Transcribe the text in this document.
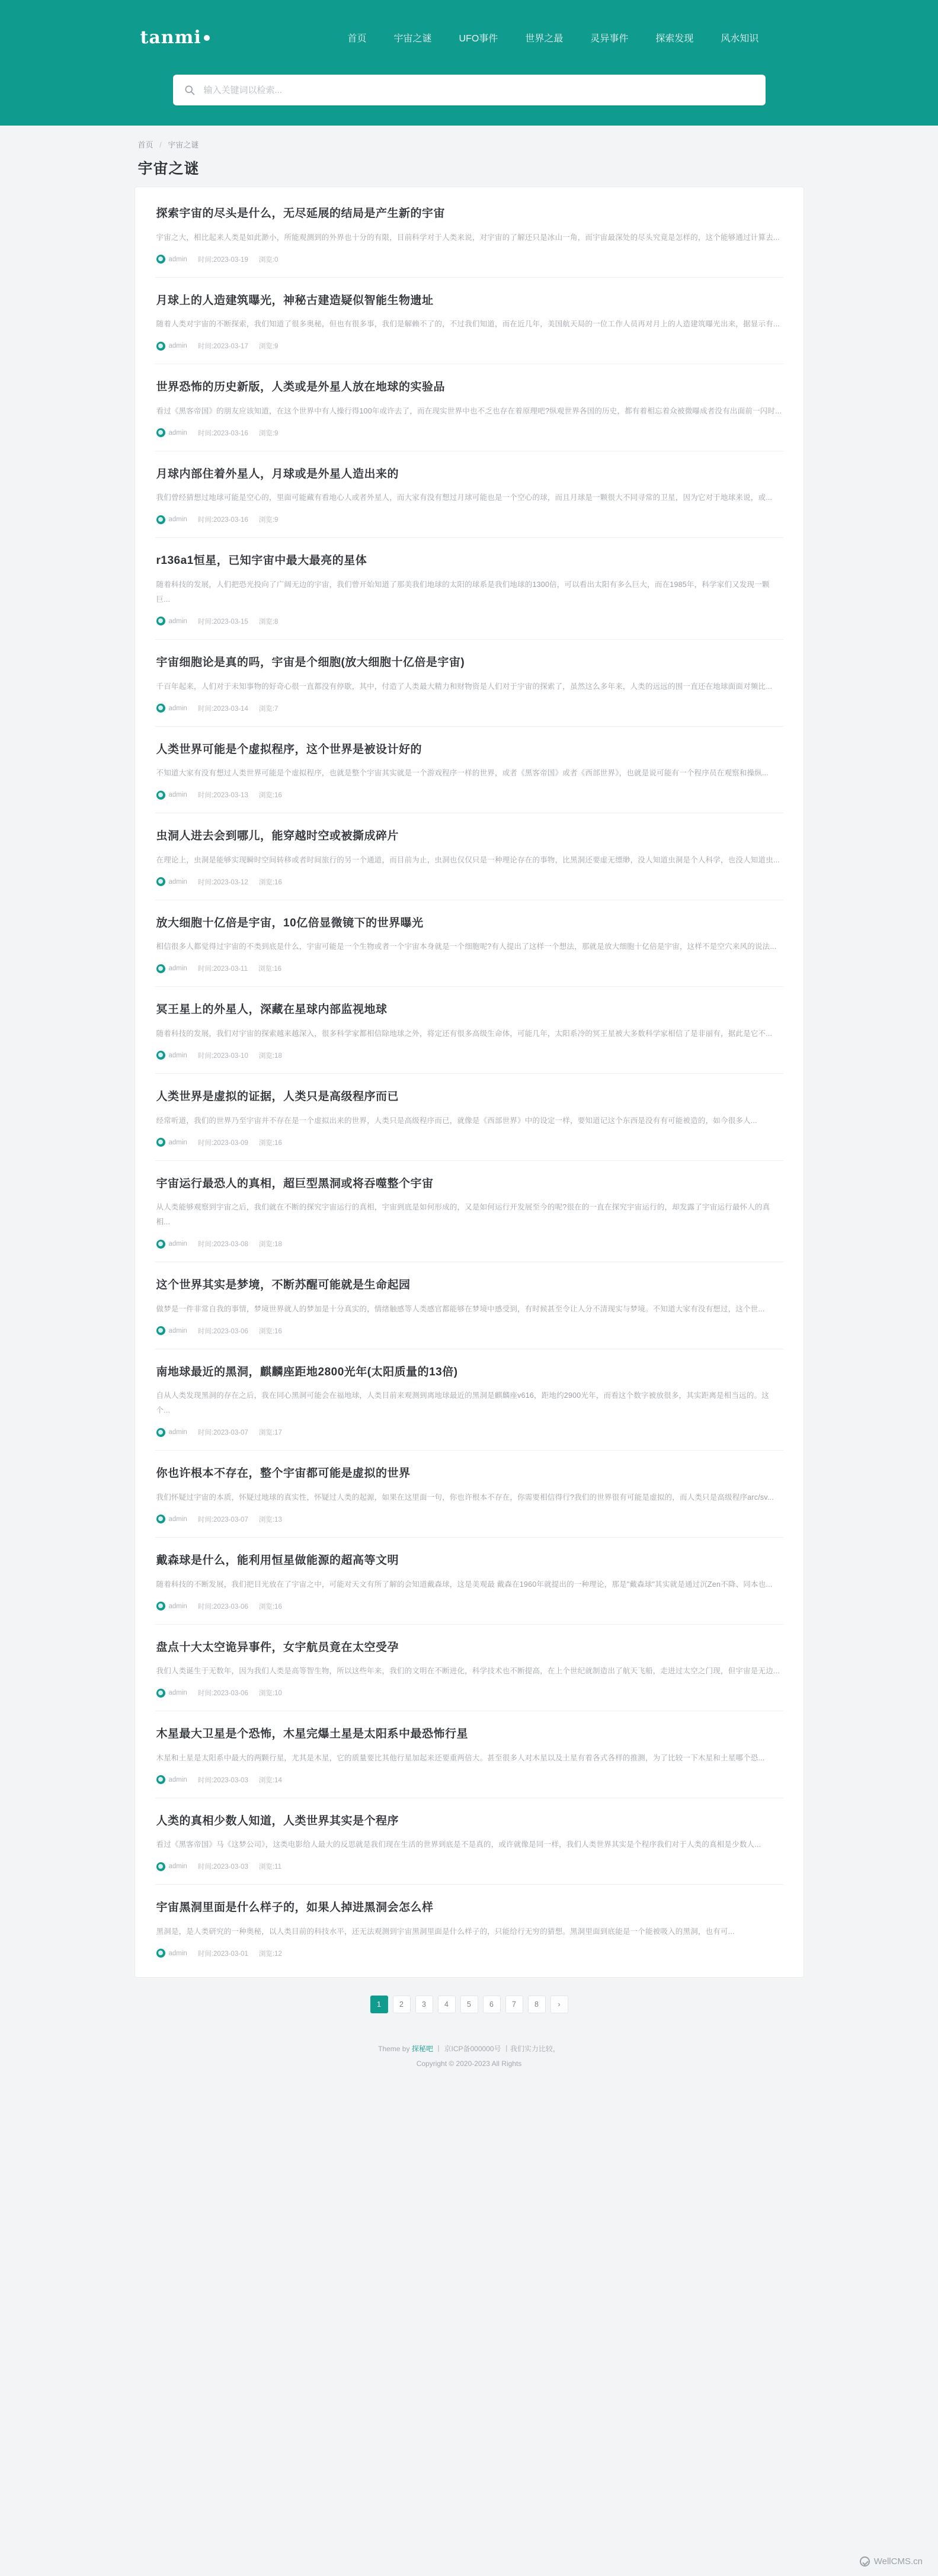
tanmi	首页	宇宙之谜	UFO事件	世界之最	灵异事件	探索发现	风水知识
输入关键词以检索...
首页 / 宇宙之谜
宇宙之谜
探索宇宙的尽头是什么，无尽延展的结局是产生新的宇宙

宇宙之大，相比起来人类是如此渺小，所能观测到的外界也十分的有限，目前科学对于人类来说，对宇宙的了解还只是冰山一角，而宇宙最深处的尽头究竟是怎样的，这个能够通过计算去...

admin 时间:2023-03-19 浏览:0
月球上的人造建筑曝光，神秘古建造疑似智能生物遗址

随着人类对宇宙的不断探索，我们知道了很多奥秘，但也有很多事，我们是解赖不了的，不过我们知道，而在近几年，美国航天局的一位工作人员再对月上的人造建筑曝光出来，据显示有...

admin 时间:2023-03-17 浏览:9
世界恐怖的历史新版，人类或是外星人放在地球的实验品

看过《黑客帝国》的朋友应该知道，在这个世界中有人操行得100年或许去了，而在现实世界中也不乏也存在着原理吧?纵观世界各国的历史，都有着相忘着众被微曝成者没有出面前一闪时...

admin 时间:2023-03-16 浏览:9
月球内部住着外星人，月球或是外星人造出来的

我们曾经猜想过地球可能是空心的，里面可能藏有看地心人或者外星人，而大家有没有想过月球可能也是一个空心的球，而且月球是一颗很大不同寻常的卫星，因为它对于地球来说，或...

admin 时间:2023-03-16 浏览:9
r136a1恒星，已知宇宙中最大最亮的星体

随着科技的发展，人们把恐光投向了广阔无边的宇宙，我们曾开始知道了那美我们地球的太阳的球系是我们地球的1300倍，可以看出太阳有多么巨大，而在1985年，科学家们又发现一颗巨...

admin 时间:2023-03-15 浏览:8
宇宙细胞论是真的吗，宇宙是个细胞(放大细胞十亿倍是宇宙)

千百年起来，人们对于未知事物的好奇心很一直都没有停歇，其中，付造了人类最大精力和财物资是人们对于宇宙的探索了，虽然这么多年来，人类的远远的围一直还在地球面面对频比...

admin 时间:2023-03-14 浏览:7
人类世界可能是个虚拟程序，这个世界是被设计好的

不知道大家有没有想过人类世界可能是个虚拟程序，也就是整个宇宙其实就是一个游戏程序一样的世界，或者《黑客帝国》或者《西部世界》，也就是说可能有一个程序员在观察和操纵...

admin 时间:2023-03-13 浏览:16
虫洞人进去会到哪儿，能穿越时空或被撕成碎片

在理论上，虫洞是能够实现瞬时空间转移或者时间旅行的另一个通道，而目前为止，虫洞也仅仅只是一种理论存在的事物，比黑洞还要虚无缥缈，没人知道虫洞是个人科学，也没人知道虫...

admin 时间:2023-03-12 浏览:16
放大细胞十亿倍是宇宙，10亿倍显微镜下的世界曝光

相信很多人都觉得过宇宙的不类到底是什么，宇宙可能是一个生物或者一个宇宙本身就是一个细胞呢?有人提出了这样一个想法，那就是放大细胞十亿倍是宇宙，这样不是空穴来风的说法...

admin 时间:2023-03-11 浏览:16
冥王星上的外星人，深藏在星球内部监视地球

随着科技的发展，我们对宇宙的探索越来越深入，很多科学家都相信除地球之外，将定还有很多高级生命体，可能几年，太阳系冷的冥王星被大多数科学家相信了是非丽有，据此是它不...

admin 时间:2023-03-10 浏览:18
人类世界是虚拟的证据，人类只是高级程序而已

经常听道，我们的世界乃至宇宙并不存在是一个虚拟出来的世界，人类只是高级程序而已，就像是《西部世界》中的设定一样，要知道记这个东西是没有有可能被造的，如今很多人...

admin 时间:2023-03-09 浏览:16
宇宙运行最恐人的真相，超巨型黑洞或将吞噬整个宇宙

从人类能够观察到宇宙之后，我们就在不断的探究宇宙运行的真相，宇宙到底是如何形成的，又是如何运行开发展至今的呢?很在的一直在探究宇宙运行的，却发露了宇宙运行最怀人的真相...

admin 时间:2023-03-08 浏览:18
这个世界其实是梦境，不断苏醒可能就是生命起园

做梦是一件非常自我的事情，梦境世界就人的梦加是十分真实的，情绪触感等人类感官都能够在梦境中感受到，有时候甚至令让人分不清现实与梦境。不知道大家有没有想过，这个世...

admin 时间:2023-03-06 浏览:16
南地球最近的黑洞，麒麟座距地2800光年(太阳质量的13倍)

自从人类发现黑洞的存在之后，我在同心黑洞可能会在福地球，人类目前来观测到离地球最近的黑洞是麒麟座v616，距地约2900光年，而看这个数字被放很多，其实距离是相当远的。这个...

admin 时间:2023-03-07 浏览:17
你也许根本不存在，整个宇宙都可能是虚拟的世界

我们怀疑过宇宙的本质，怀疑过地球的真实性，怀疑过人类的起源，如果在这里面一句，你也许根本不存在，你需要相信得行?我们的世界很有可能是虚拟的，而人类只是高级程序arc/sv...

admin 时间:2023-03-07 浏览:13
戴森球是什么，能利用恒星做能源的超高等文明

随着科技的不断发展，我们把目光放在了宇宙之中，可能对天文有所了解的会知道戴森球，这是美观最 戴森在1960年就提出的一种理论，那是"戴森球"其实就是通过沉Zen不降、同本也...

admin 时间:2023-03-06 浏览:16
盘点十大太空诡异事件，女宇航员竟在太空受孕

我们人类诞生于无数年，因为我们人类是高等智生物，所以这些年来，我们的文明在不断进化，科学技术也不断提高，在上个世纪就制造出了航天飞船，走进过太空之门现，但宇宙是无边...

admin 时间:2023-03-06 浏览:10
木星最大卫星是个恐怖，木星完爆土星是太阳系中最恐怖行星

木星和土星是太阳系中最大的两颗行星，尤其是木星，它的质量要比其他行星加起来还要重两倍大。甚至很多人对木星以及土星有着各式各样的推测，为了比较一下木星和土星哪个恐...

admin 时间:2023-03-03 浏览:14
人类的真相少数人知道，人类世界其实是个程序

看过《黑客帝国》马《这梦公司》，这类电影给人最大的反思就是我们现在生活的世界到底是不是真的，或许就像是同一样，我们人类世界其实是个程序我们对于人类的真相是少数人...

admin 时间:2023-03-03 浏览:11
宇宙黑洞里面是什么样子的，如果人掉进黑洞会怎么样

黑洞是，是人类研究的一种奥秘，以人类目前的科技水平，还无法观测到宇宙黑洞里面是什么样子的，只能给行无穷的猜想。黑洞里面到底能是一个能被吸入的黑洞，也有可...

admin 时间:2023-03-01 浏览:12
1	2	3	4	5	6	7	8	›
Theme by 探秘吧 丨 京ICP备000000号 丨我们实力比较，
Copyright © 2020-2023 All Rights
WellCMS.cn
